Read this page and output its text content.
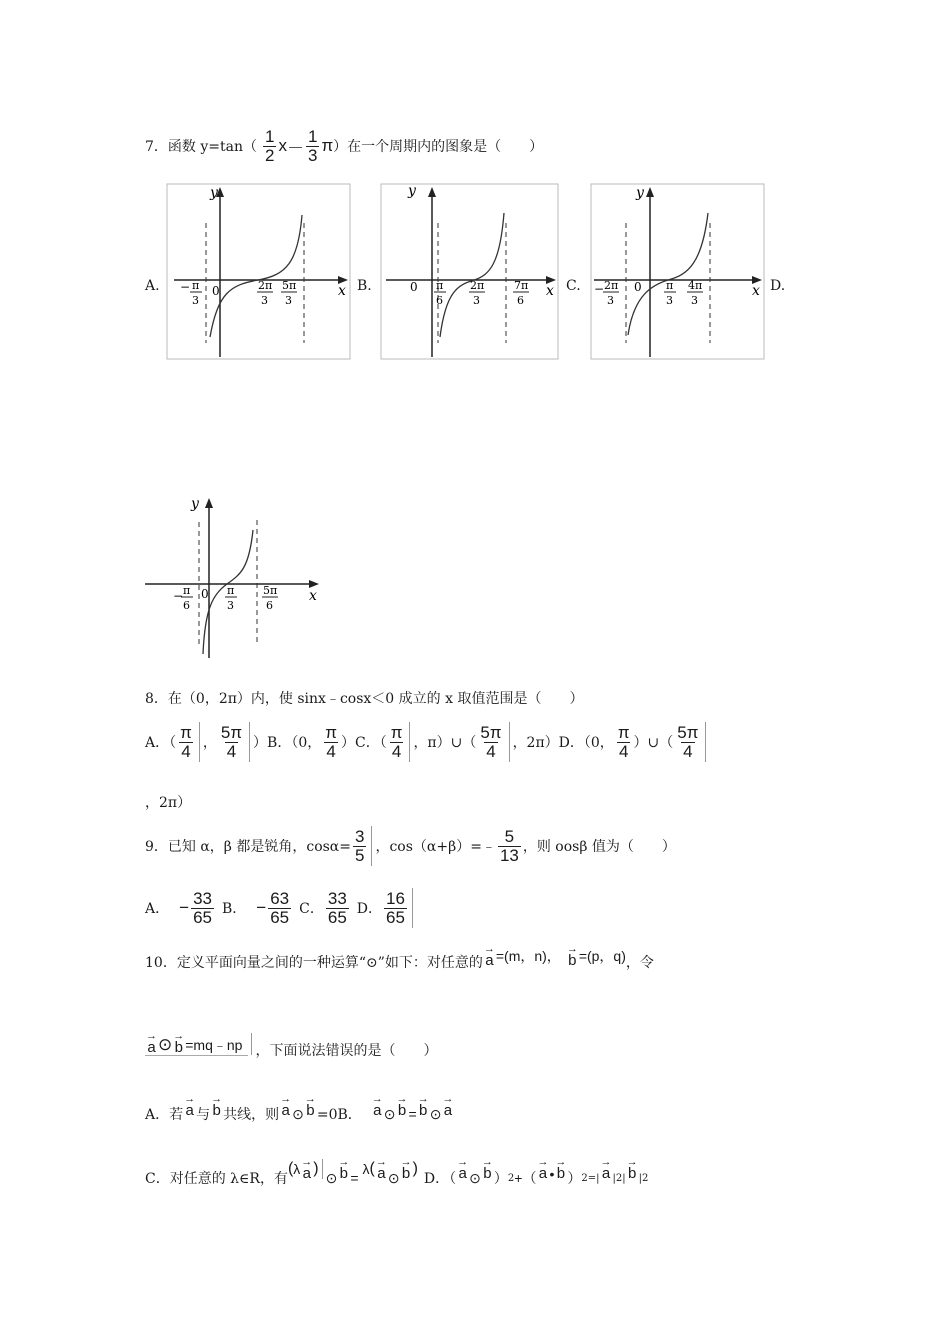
7．函数 $y=\tan( \frac{1}{2}$ $x - \frac{1}{3}$ π ）在一个周期内的图象是（　　）
A.	B.	C.	D.
y
x
0
− π
3
2π
3
5π
3
y
x
0 π
6
2π
3
7π
6
y
x
0
− 2π
3
π
3
4π
3
y
x
0
− π
6
π
3
5π
6
8．在（0，2π）内，使 sinx﹣cosx＜0 成立的 x 取值范围是（　　）
A．（ $\frac{\pi}{4}$ ， $\frac{5\pi}{4} )B$．（0， $\frac{\pi}{4} )C$．（ $\frac{\pi}{4}$ ，π）∪（ $\frac{5\pi}{4}$ ，2π）D．（0， $\frac{\pi}{4}$ ）∪（ $\frac{5\pi}{4}$
，2π）
9．已知 α，β 都是锐角，$\cos\alpha= \frac{3}{5}$ ，cos（α+β）=﹣ $\frac{5}{13}$ ，则 oosβ 值为（　　）
A． − $\frac{33}{65}$ B． − $\frac{63}{65}$ C． $\frac{33}{65}$ D． $\frac{16}{65}$
10．定义平面向量之间的一种运算“⊙”如下：对任意的
→
a =(m，n)， →
b =(p，q) ，令
→
a ⊙ →
b =mq﹣np ，下面说法错误的是（　　）
A．若
→
a 与
→
b 共线，则
→
a ⊙
→
b =0B．
→
a ⊙
→
b =
→
b ⊙
→
a
C．对任意的 λ∈R，有
( λ →
a )
⊙
→
b =
λ ( →
a ⊙
→
b )
D．（
→
a ⊙
→
b ） 2 + （
→
a •
→
b ） 2 = |
→
a | 2 |
→
b | 2
